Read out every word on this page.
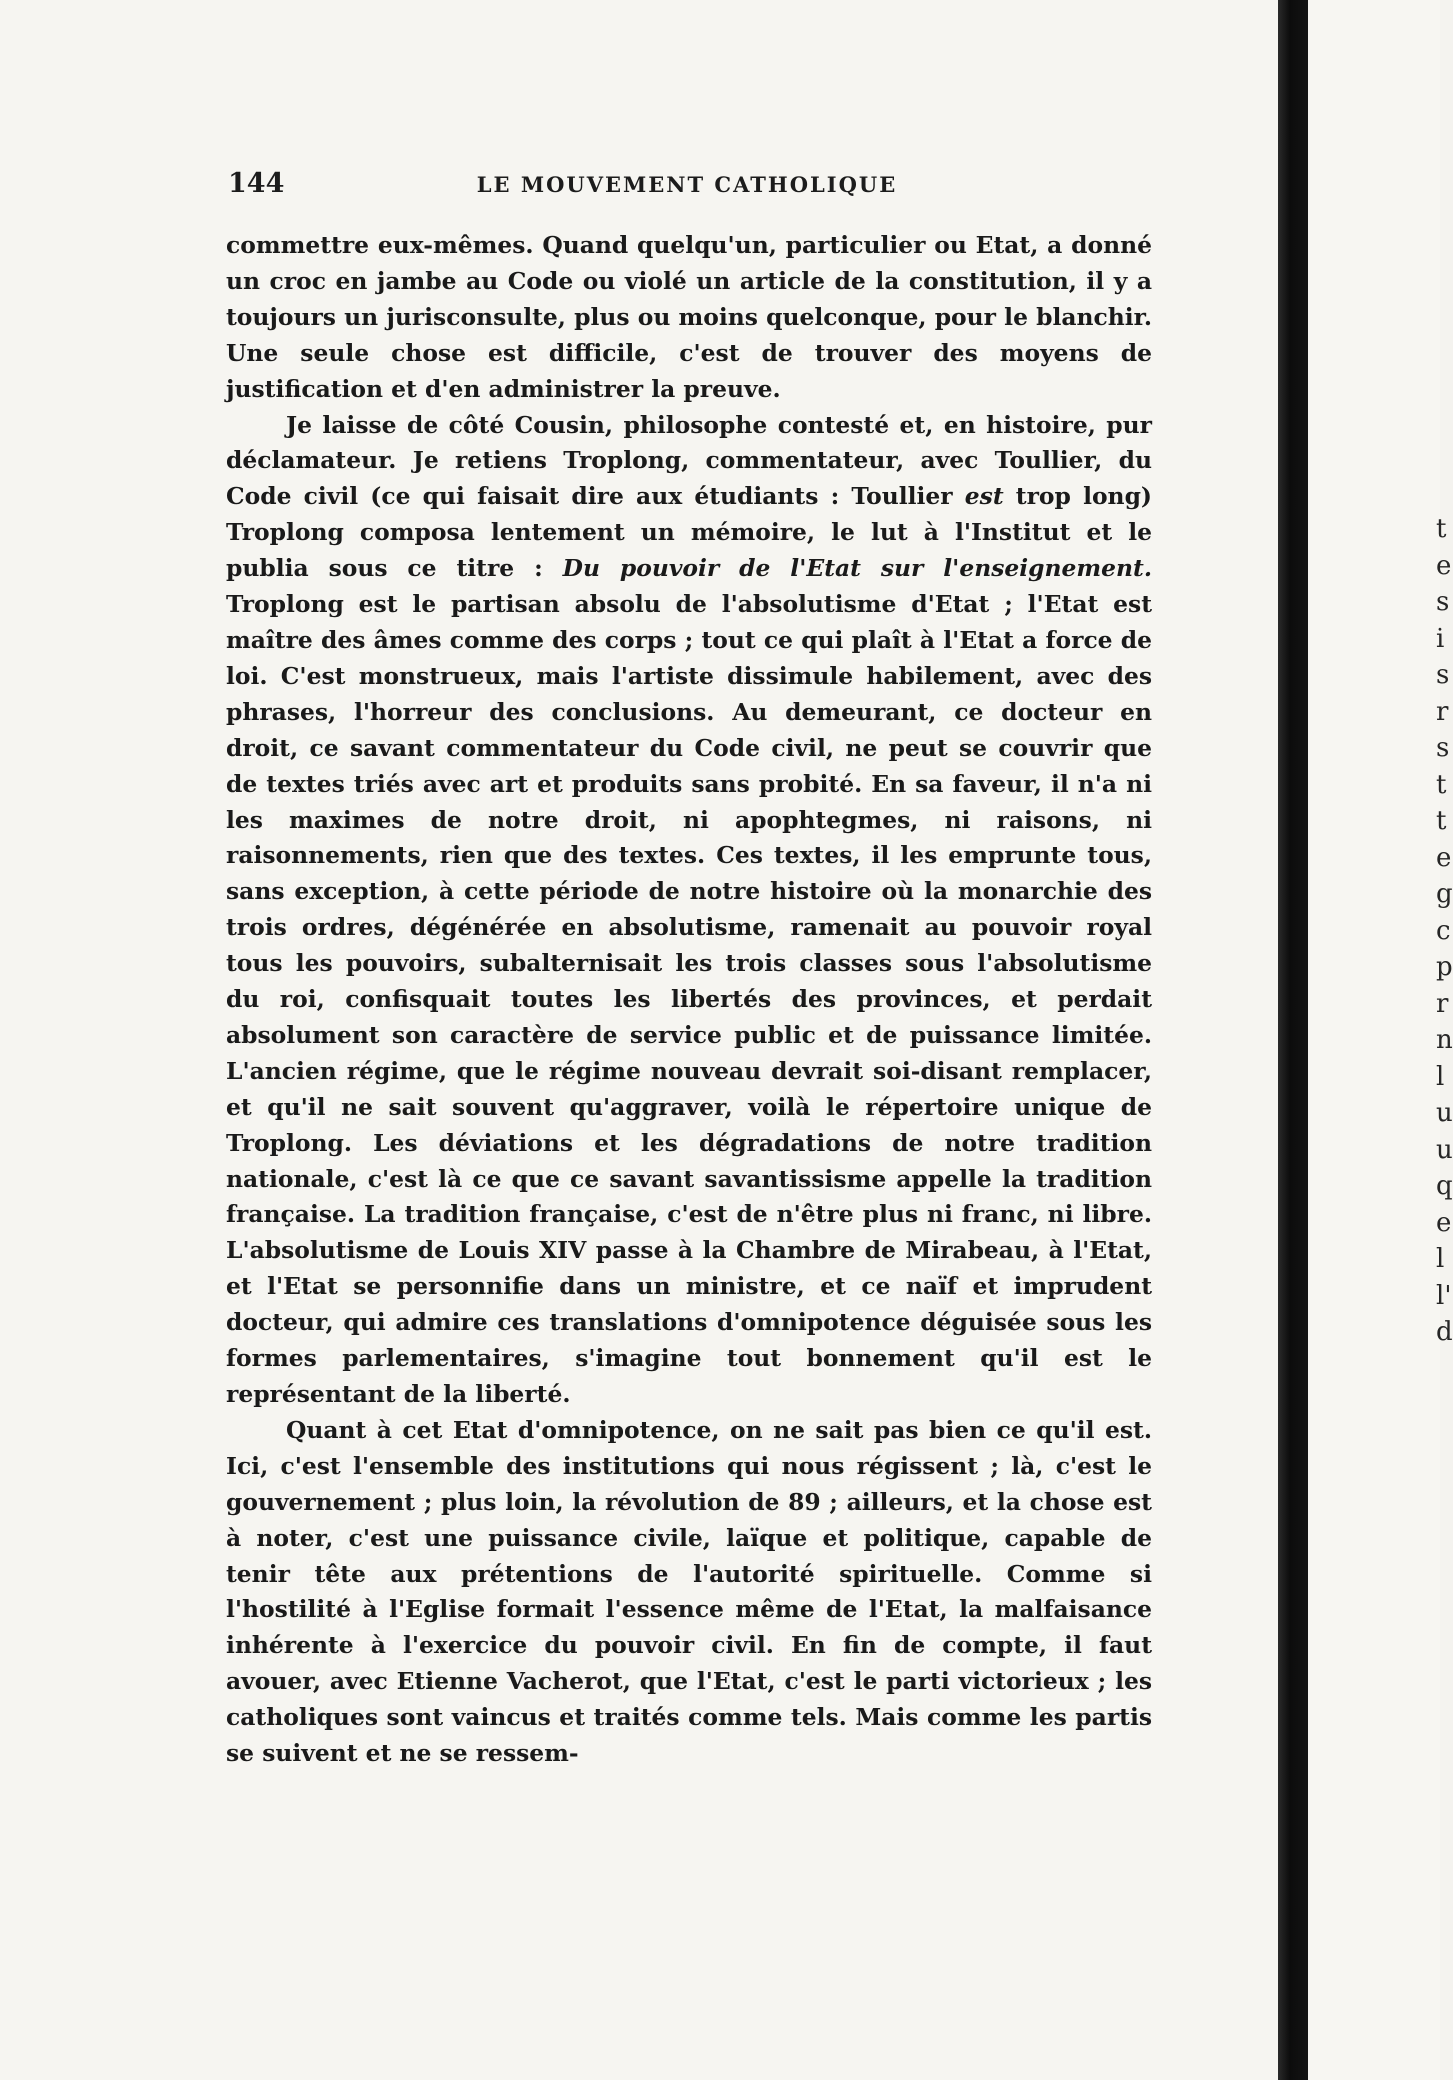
144	LE MOUVEMENT CATHOLIQUE

commettre eux-mêmes. Quand quelqu'un, particulier ou Etat, a donné un croc en jambe au Code ou violé un article de la constitution, il y a toujours un jurisconsulte, plus ou moins quelconque, pour le blanchir. Une seule chose est difficile, c'est de trouver des moyens de justification et d'en administrer la preuve.

Je laisse de côté Cousin, philosophe contesté et, en histoire, pur déclamateur. Je retiens Troplong, commentateur, avec Toullier, du Code civil (ce qui faisait dire aux étudiants : Toullier est trop long) Troplong composa lentement un mémoire, le lut à l'Institut et le publia sous ce titre : Du pouvoir de l'Etat sur l'enseignement. Troplong est le partisan absolu de l'absolutisme d'Etat ; l'Etat est maître des âmes comme des corps ; tout ce qui plaît à l'Etat a force de loi. C'est monstrueux, mais l'artiste dissimule habilement, avec des phrases, l'horreur des conclusions. Au demeurant, ce docteur en droit, ce savant commentateur du Code civil, ne peut se couvrir que de textes triés avec art et produits sans probité. En sa faveur, il n'a ni les maximes de notre droit, ni apophtegmes, ni raisons, ni raisonnements, rien que des textes. Ces textes, il les emprunte tous, sans exception, à cette période de notre histoire où la monarchie des trois ordres, dégénérée en absolutisme, ramenait au pouvoir royal tous les pouvoirs, subalternisait les trois classes sous l'absolutisme du roi, confisquait toutes les libertés des provinces, et perdait absolument son caractère de service public et de puissance limitée. L'ancien régime, que le régime nouveau devrait soi-disant remplacer, et qu'il ne sait souvent qu'aggraver, voilà le répertoire unique de Troplong. Les déviations et les dégradations de notre tradition nationale, c'est là ce que ce savant savantissisme appelle la tradition française. La tradition française, c'est de n'être plus ni franc, ni libre. L'absolutisme de Louis XIV passe à la Chambre de Mirabeau, à l'Etat, et l'Etat se personnifie dans un ministre, et ce naïf et imprudent docteur, qui admire ces translations d'omnipotence déguisée sous les formes parlementaires, s'imagine tout bonnement qu'il est le représentant de la liberté.

Quant à cet Etat d'omnipotence, on ne sait pas bien ce qu'il est. Ici, c'est l'ensemble des institutions qui nous régissent ; là, c'est le gouvernement ; plus loin, la révolution de 89 ; ailleurs, et la chose est à noter, c'est une puissance civile, laïque et politique, capable de tenir tête aux prétentions de l'autorité spirituelle. Comme si l'hostilité à l'Eglise formait l'essence même de l'Etat, la malfaisance inhérente à l'exercice du pouvoir civil. En fin de compte, il faut avouer, avec Etienne Vacherot, que l'Etat, c'est le parti victorieux ; les catholiques sont vaincus et traités comme tels. Mais comme les partis se suivent et ne se ressem-

t
e
s
i
s
r
s
t
t
e
g
c
p
r
n
l
u
u
q
e
l
l'
d
